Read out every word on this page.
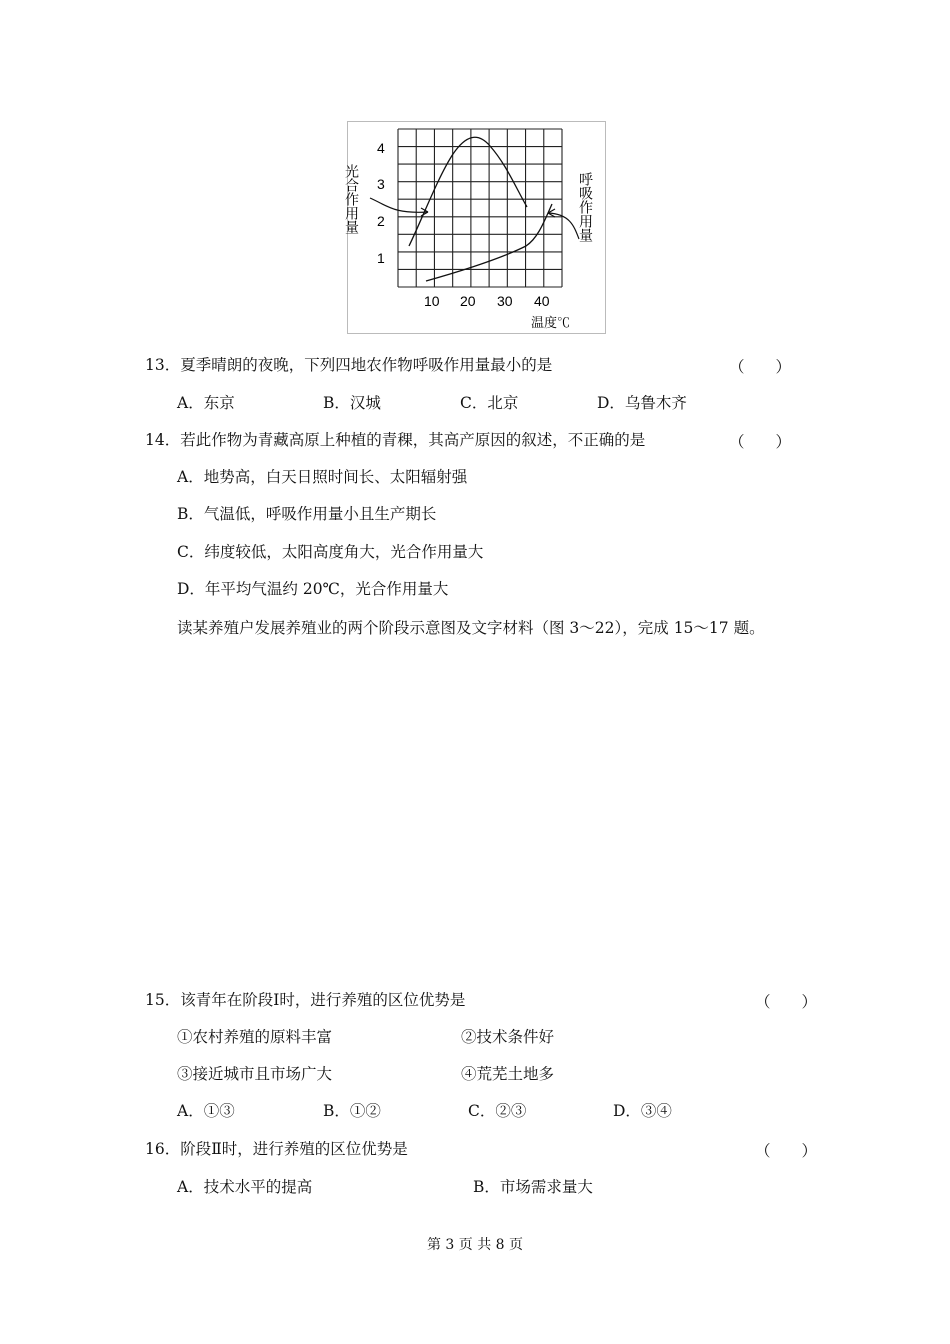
1
2
3
4
10 20 30 40
温度℃
光合作用量	呼吸作用量
13．夏季晴朗的夜晚，下列四地农作物呼吸作用量最小的是	（　　）
A．东京	B．汉城	C．北京	D．乌鲁木齐
14．若此作物为青藏高原上种植的青稞，其高产原因的叙述，不正确的是	（　　）
A．地势高，白天日照时间长、太阳辐射强
B．气温低，呼吸作用量小且生产期长
C．纬度较低，太阳高度角大，光合作用量大
D．年平均气温约 20℃，光合作用量大
读某养殖户发展养殖业的两个阶段示意图及文字材料（图 3～22），完成 15～17 题。
15．该青年在阶段Ⅰ时，进行养殖的区位优势是	（　　）
①农村养殖的原料丰富	②技术条件好
③接近城市且市场广大	④荒芜土地多
A．①③	B．①②	C．②③	D．③④
16．阶段Ⅱ时，进行养殖的区位优势是	（　　）
A．技术水平的提高	B．市场需求量大
第 3 页 共 8 页
